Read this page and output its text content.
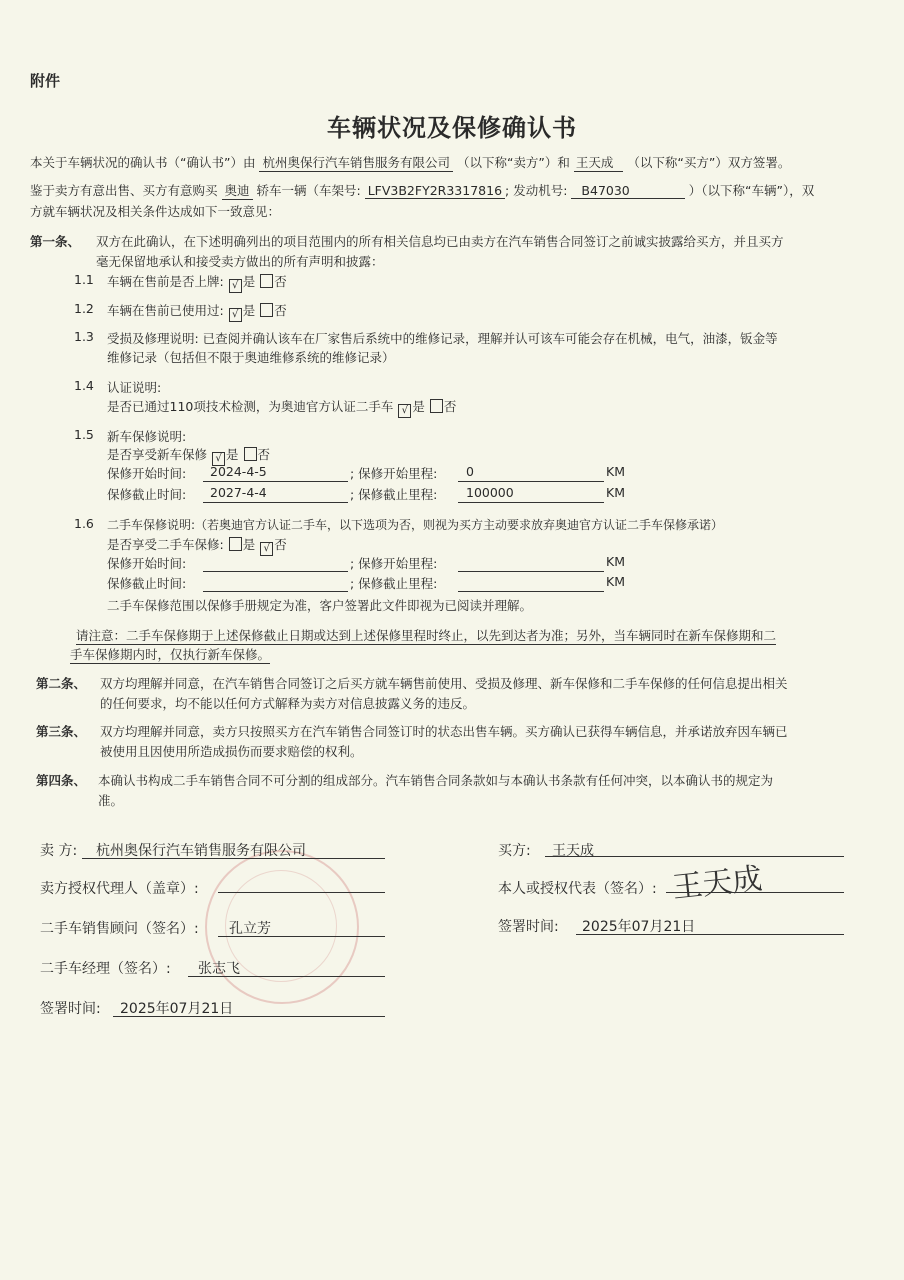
附件
车辆状况及保修确认书
本关于车辆状况的确认书（“确认书”）由 杭州奥保行汽车销售服务有限公司 （以下称“卖方”）和 王天成 （以下称“买方”）双方签署。
鉴于卖方有意出售、买方有意购买 奥迪 轿车一辆（车架号: LFV3B2FY2R3317816 ; 发动机号: B47030	）（以下称“车辆”），双
方就车辆状况及相关条件达成如下一致意见：
第一条、 双方在此确认，在下述明确列出的项目范围内的所有相关信息均已由卖方在汽车销售合同签订之前诚实披露给买方，并且买方
毫无保留地承认和接受卖方做出的所有声明和披露：
1.1 车辆在售前是否上牌: √ 是 否
1.2 车辆在售前已使用过: √ 是 否
1.3 受损及修理说明: 已查阅并确认该车在厂家售后系统中的维修记录，理解并认可该车可能会存在机械，电气，油漆，钣金等
维修记录（包括但不限于奥迪维修系统的维修记录）
1.4 认证说明:
是否已通过110项技术检测，为奥迪官方认证二手车 √ 是 否
1.5 新车保修说明:
是否享受新车保修 √ 是 否
保修开始时间: 2024-4-5	; 保修开始里程: 0	KM
保修截止时间: 2027-4-4	; 保修截止里程: 100000	KM
1.6 二手车保修说明:（若奥迪官方认证二手车，以下选项为否，则视为买方主动要求放弃奥迪官方认证二手车保修承诺）
是否享受二手车保修: 是 √ 否
保修开始时间:	; 保修开始里程:	KM
保修截止时间:	; 保修截止里程:	KM
二手车保修范围以保修手册规定为准，客户签署此文件即视为已阅读并理解。
请注意：二手车保修期于上述保修截止日期或达到上述保修里程时终止，以先到达者为准；另外，当车辆同时在新车保修期和二
手车保修期内时，仅执行新车保修。
第二条、 双方均理解并同意，在汽车销售合同签订之后买方就车辆售前使用、受损及修理、新车保修和二手车保修的任何信息提出相关
的任何要求，均不能以任何方式解释为卖方对信息披露义务的违反。
第三条、 双方均理解并同意，卖方只按照买方在汽车销售合同签订时的状态出售车辆。买方确认已获得车辆信息，并承诺放弃因车辆已
被使用且因使用所造成损伤而要求赔偿的权利。
第四条、 本确认书构成二手车销售合同不可分割的组成部分。汽车销售合同条款如与本确认书条款有任何冲突，以本确认书的规定为
准。
卖 方: 杭州奥保行汽车销售服务有限公司
卖方授权代理人（盖章）:
二手车销售顾问（签名）: 孔立芳
二手车经理（签名）: 张志飞
签署时间: 2025年07月21日
买方: 王天成
本人或授权代表（签名）: 王天成
签署时间: 2025年07月21日
